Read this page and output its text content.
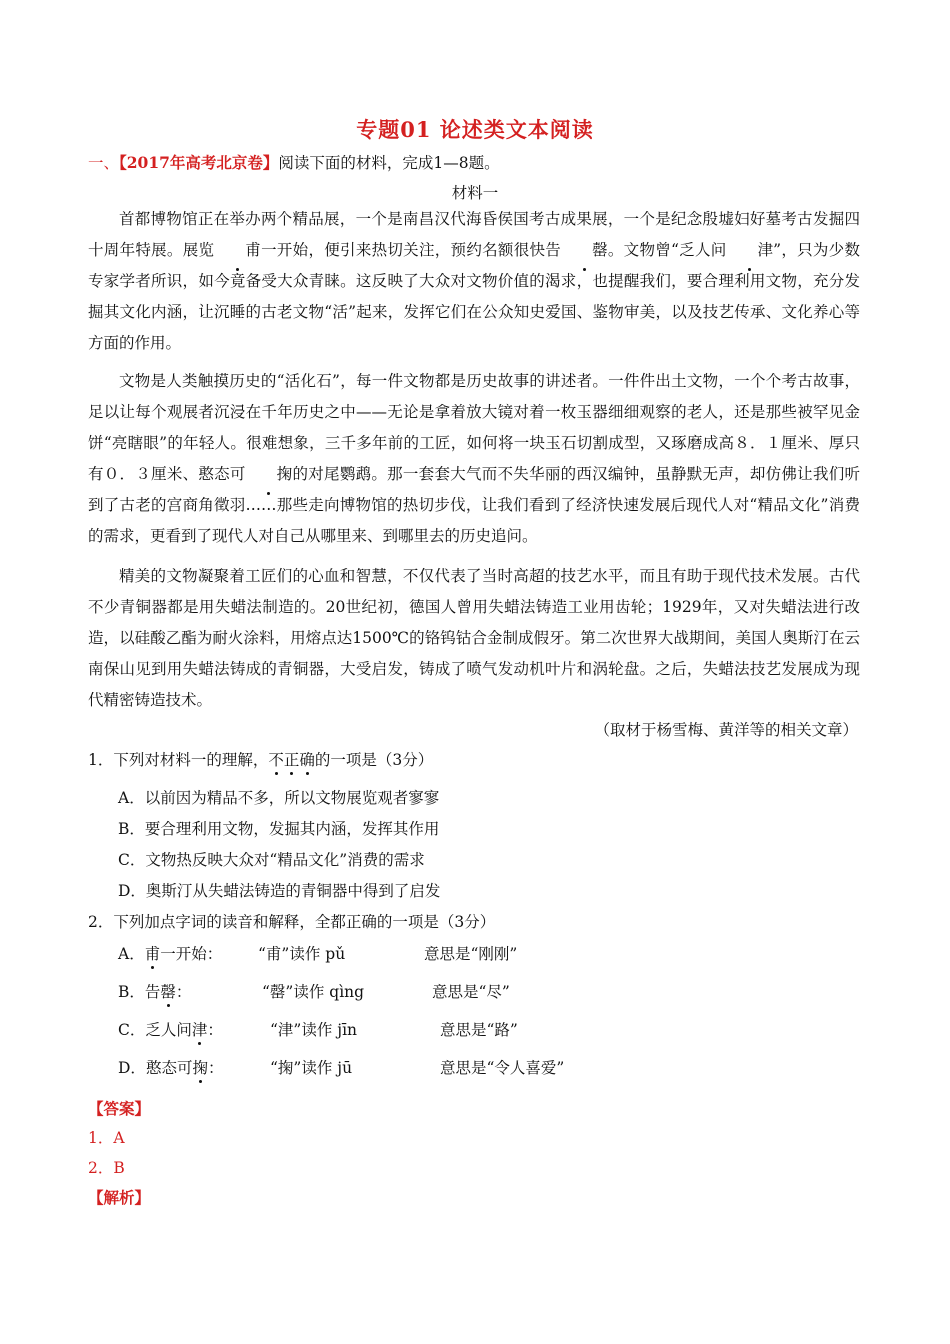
专题01 论述类文本阅读
一、【2017年高考北京卷】阅读下面的材料，完成1—8题。
材料一

首都博物馆正在举办两个精品展，一个是南昌汉代海昏侯国考古成果展，一个是纪念殷墟妇好墓考古发掘四十周年特展。展览 甫一开始，便引来热切关注，预约名额很快告 罄。文物曾“乏人问 津”，只为少数专家学者所识，如今竟备受大众青睐。这反映了大众对文物价值的渴求，也提醒我们，要合理利用文物，充分发掘其文化内涵，让沉睡的古老文物“活”起来，发挥它们在公众知史爱国、鉴物审美，以及技艺传承、文化养心等方面的作用。

文物是人类触摸历史的“活化石”，每一件文物都是历史故事的讲述者。一件件出土文物，一个个考古故事，足以让每个观展者沉浸在千年历史之中——无论是拿着放大镜对着一枚玉器细细观察的老人，还是那些被罕见金饼“亮瞎眼”的年轻人。很难想象，三千多年前的工匠，如何将一块玉石切割成型，又琢磨成高８．１厘米、厚只有０．３厘米、憨态可 掬的对尾鹦鹉。那一套套大气而不失华丽的西汉编钟，虽静默无声，却仿佛让我们听到了古老的宫商角徵羽……那些走向博物馆的热切步伐，让我们看到了经济快速发展后现代人对“精品文化”消费的需求，更看到了现代人对自己从哪里来、到哪里去的历史追问。

精美的文物凝聚着工匠们的心血和智慧，不仅代表了当时高超的技艺水平，而且有助于现代技术发展。古代不少青铜器都是用失蜡法制造的。20世纪初，德国人曾用失蜡法铸造工业用齿轮；1929年，又对失蜡法进行改造，以硅酸乙酯为耐火涂料，用熔点达1500℃的铬钨钴合金制成假牙。第二次世界大战期间，美国人奥斯汀在云南保山见到用失蜡法铸成的青铜器，大受启发，铸成了喷气发动机叶片和涡轮盘。之后，失蜡法技艺发展成为现代精密铸造技术。

（取材于杨雪梅、黄洋等的相关文章）
1．下列对材料一的理解，不正确的一项是（3分）
A．以前因为精品不多，所以文物展览观者寥寥
B．要合理利用文物，发掘其内涵，发挥其作用
C．文物热反映大众对“精品文化”消费的需求
D．奥斯汀从失蜡法铸造的青铜器中得到了启发
2．下列加点字词的读音和解释，全都正确的一项是（3分）
A．甫一开始： “甫”读作 pǔ	意思是“刚刚”
B．告罄：	“罄”读作 qìng	意思是“尽”
C．乏人问津：	“津”读作 jīn	意思是“路”
D．憨态可掬：	“掬”读作 jū	意思是“令人喜爱”
【答案】
1．A
2．B
【解析】
